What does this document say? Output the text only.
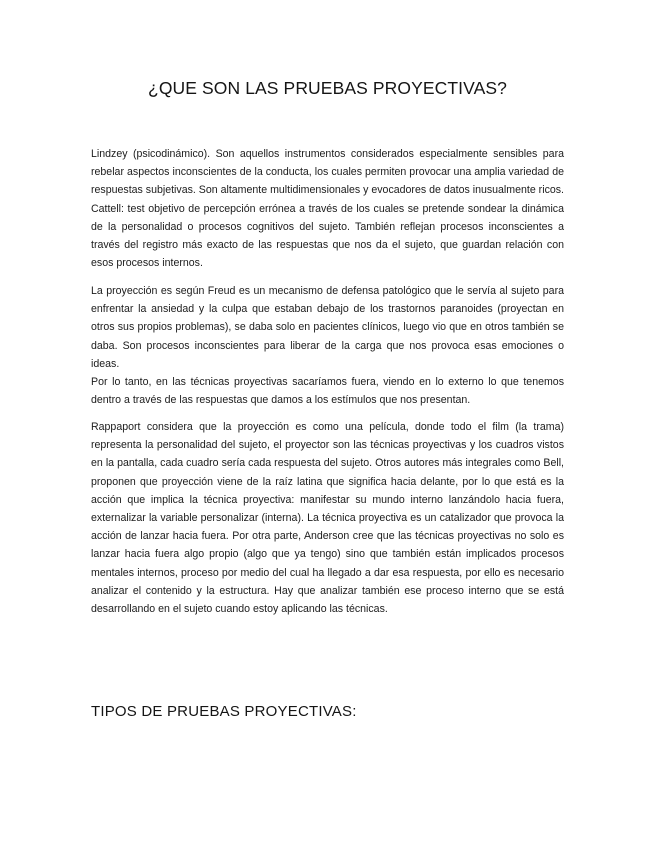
¿QUE SON LAS PRUEBAS PROYECTIVAS?

Lindzey (psicodinámico). Son aquellos instrumentos considerados especialmente sensibles para rebelar aspectos inconscientes de la conducta, los cuales permiten provocar una amplia variedad de respuestas subjetivas. Son altamente multidimensionales y evocadores de datos inusualmente ricos. Cattell: test objetivo de percepción errónea a través de los cuales se pretende sondear la dinámica de la personalidad o procesos cognitivos del sujeto. También reflejan procesos inconscientes a través del registro más exacto de las respuestas que nos da el sujeto, que guardan relación con esos procesos internos.

La proyección es según Freud es un mecanismo de defensa patológico que le servía al sujeto para enfrentar la ansiedad y la culpa que estaban debajo de los trastornos paranoides (proyectan en otros sus propios problemas), se daba solo en pacientes clínicos, luego vio que en otros también se daba. Son procesos inconscientes para liberar de la carga que nos provoca esas emociones o ideas.

Por lo tanto, en las técnicas proyectivas sacaríamos fuera, viendo en lo externo lo que tenemos dentro a través de las respuestas que damos a los estímulos que nos presentan.

Rappaport considera que la proyección es como una película, donde todo el film (la trama) representa la personalidad del sujeto, el proyector son las técnicas proyectivas y los cuadros vistos en la pantalla, cada cuadro sería cada respuesta del sujeto. Otros autores más integrales como Bell, proponen que proyección viene de la raíz latina que significa hacia delante, por lo que está es la acción que implica la técnica proyectiva: manifestar su mundo interno lanzándolo hacia fuera, externalizar la variable personalizar (interna). La técnica proyectiva es un catalizador que provoca la acción de lanzar hacia fuera. Por otra parte, Anderson cree que las técnicas proyectivas no solo es lanzar hacia fuera algo propio (algo que ya tengo) sino que también están implicados procesos mentales internos, proceso por medio del cual ha llegado a dar esa respuesta, por ello es necesario analizar el contenido y la estructura. Hay que analizar también ese proceso interno que se está desarrollando en el sujeto cuando estoy aplicando las técnicas.

TIPOS DE PRUEBAS PROYECTIVAS:
